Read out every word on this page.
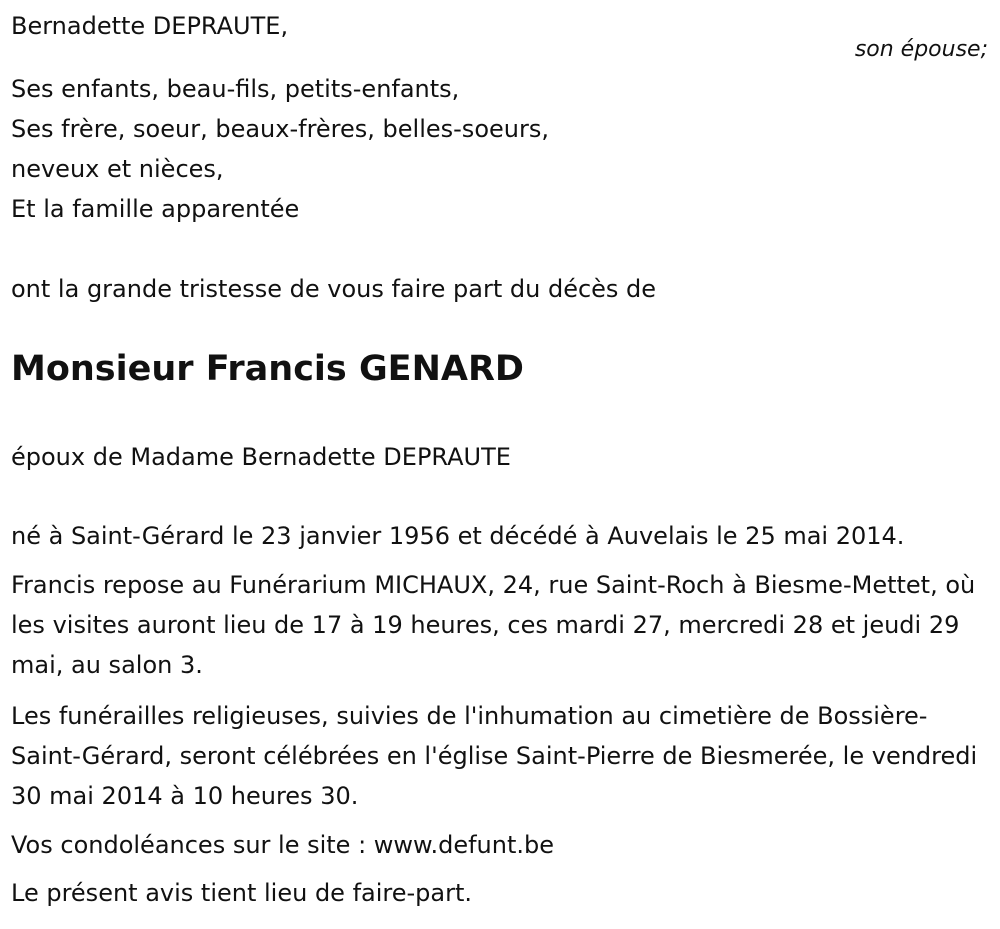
Bernadette DEPRAUTE,
son épouse;
Ses enfants, beau-fils, petits-enfants,
Ses frère, soeur, beaux-frères, belles-soeurs,
neveux et nièces,
Et la famille apparentée
ont la grande tristesse de vous faire part du décès de
Monsieur Francis GENARD
époux de Madame Bernadette DEPRAUTE
né à Saint-Gérard le 23 janvier 1956 et décédé à Auvelais le 25 mai 2014.
Francis repose au Funérarium MICHAUX, 24, rue Saint-Roch à Biesme-Mettet, où les visites auront lieu de 17 à 19 heures, ces mardi 27, mercredi 28 et jeudi 29 mai, au salon 3.
Les funérailles religieuses, suivies de l'inhumation au cimetière de Bossière-Saint-Gérard, seront célébrées en l'église Saint-Pierre de Biesmerée, le vendredi 30 mai 2014 à 10 heures 30.
Vos condoléances sur le site : www.defunt.be
Le présent avis tient lieu de faire-part.
